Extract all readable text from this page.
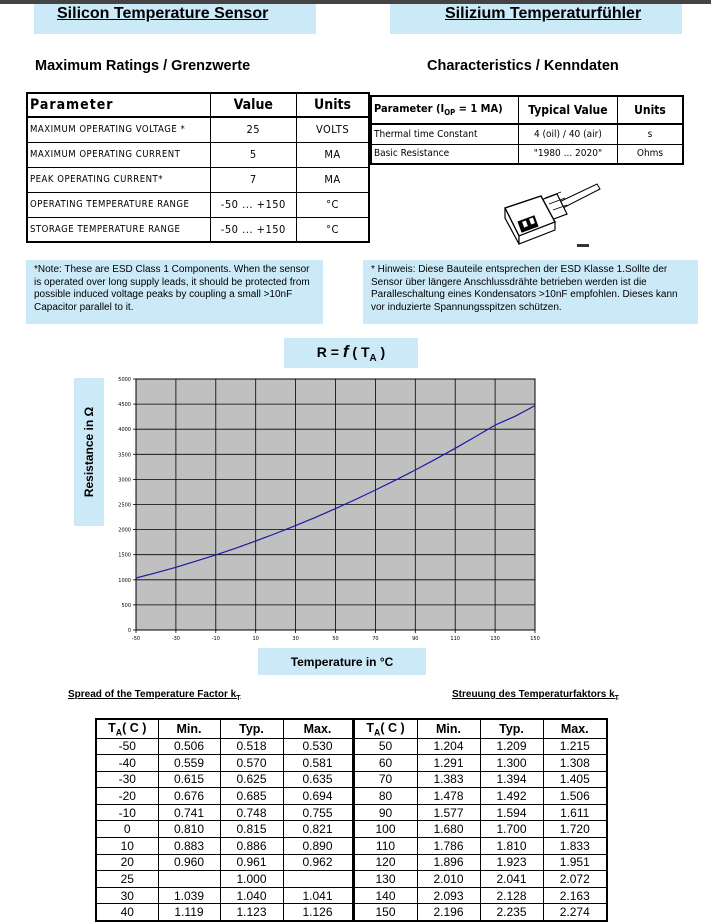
Silicon Temperature Sensor	Silizium Temperaturfühler
Maximum Ratings / Grenzwerte	Characteristics / Kenndaten
Parameter	Value	Units
MAXIMUM OPERATING VOLTAGE *	25	VOLTS
MAXIMUM OPERATING CURRENT	5	MA
PEAK OPERATING CURRENT*	7	MA
OPERATING TEMPERATURE RANGE	-50 ... +150	°C
STORAGE TEMPERATURE RANGE	-50 ... +150	°C
Parameter ($I_{OP} = 1$ MA)	Typical Value	Units
Thermal time Constant	4 (oil) / 40 (air)	s
Basic Resistance	"1980 ... 2020"	Ohms
*Note: These are ESD Class 1 Components. When the sensor is operated over long supply leads, it should be protected from possible induced voltage peaks by coupling a small >10nF Capacitor parallel to it.
* Hinweis: Diese Bauteile entsprechen der ESD Klasse 1.Sollte der Sensor über längere Anschlussdrähte betrieben werden ist die Paralleschaltung eines Kondensators >10nF empfohlen. Dieses kann vor induzierte Spannungsspitzen schützen.
R = f ( $T_A$ )
Resistance in Ω
Temperature in °C
0
500
1000
1500
2000
2500
3000
3500
4000
4500
5000
-50	-30	-10	10	30	50	70	90	110	130	150
Spread of the Temperature Factor $k_T$	Streuung des Temperaturfaktors $k_T$
$T_A$( C )	Min.	Typ.	Max.	$T_A$( C )	Min.	Typ.	Max.
-50	0.506	0.518	0.530	50	1.204	1.209	1.215
-40	0.559	0.570	0.581	60	1.291	1.300	1.308
-30	0.615	0.625	0.635	70	1.383	1.394	1.405
-20	0.676	0.685	0.694	80	1.478	1.492	1.506
-10	0.741	0.748	0.755	90	1.577	1.594	1.611
0	0.810	0.815	0.821	100	1.680	1.700	1.720
10	0.883	0.886	0.890	110	1.786	1.810	1.833
20	0.960	0.961	0.962	120	1.896	1.923	1.951
25		1.000		130	2.010	2.041	2.072
30	1.039	1.040	1.041	140	2.093	2.128	2.163
40	1.119	1.123	1.126	150	2.196	2.235	2.274
